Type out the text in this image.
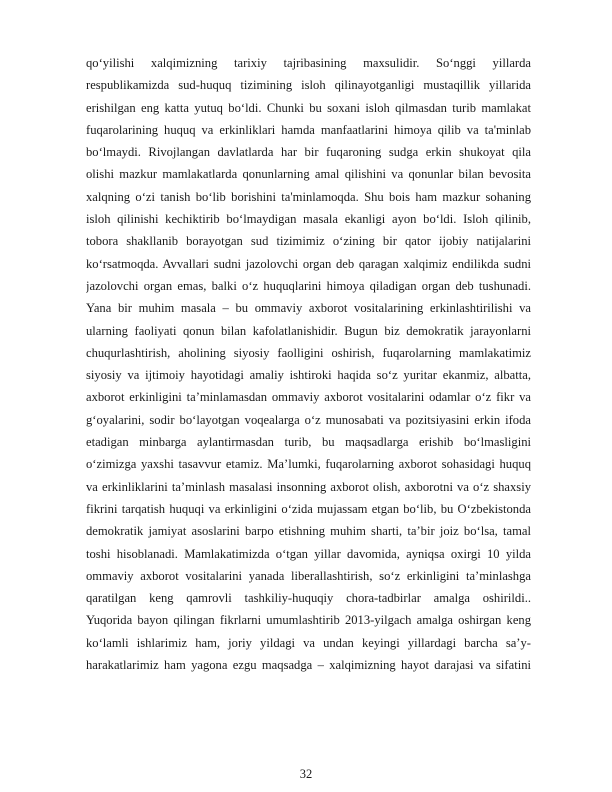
qo‘yilishi xalqimizning tarixiy tajribasining maxsulidir. So‘nggi yillarda
respublikamizda sud-huquq tizimining isloh qilinayotganligi mustaqillik yillarida
erishilgan eng katta yutuq bo‘ldi. Chunki bu soxani isloh qilmasdan turib mamlakat
fuqarolarining huquq va erkinliklari hamda manfaatlarini himoya qilib va ta'minlab
bo‘lmaydi. Rivojlangan davlatlarda har bir fuqaroning sudga erkin shukoyat qila
olishi mazkur mamlakatlarda qonunlarning amal qilishini va qonunlar bilan bevosita
xalqning o‘zi tanish bo‘lib borishini ta'minlamoqda. Shu bois ham mazkur sohaning
isloh qilinishi kechiktirib bo‘lmaydigan masala ekanligi ayon bo‘ldi. Isloh qilinib,
tobora shakllanib borayotgan sud tizimimiz o‘zining bir qator ijobiy natijalarini
ko‘rsatmoqda. Avvallari sudni jazolovchi organ deb qaragan xalqimiz endilikda sudni
jazolovchi organ emas, balki o‘z huquqlarini himoya qiladigan organ deb tushunadi.
Yana bir muhim masala – bu ommaviy axborot vositalarining erkinlashtirilishi va
ularning faoliyati qonun bilan kafolatlanishidir. Bugun biz demokratik jarayonlarni
chuqurlashtirish, aholining siyosiy faolligini oshirish, fuqarolarning mamlakatimiz
siyosiy va ijtimoiy hayotidagi amaliy ishtiroki haqida so‘z yuritar ekanmiz, albatta,
axborot erkinligini ta’minlamasdan ommaviy axborot vositalarini odamlar o‘z fikr va
g‘oyalarini, sodir bo‘layotgan voqealarga o‘z munosabati va pozitsiyasini erkin ifoda
etadigan minbarga aylantirmasdan turib, bu maqsadlarga erishib bo‘lmasligini
o‘zimizga yaxshi tasavvur etamiz. Ma’lumki, fuqarolarning axborot sohasidagi huquq
va erkinliklarini ta’minlash masalasi insonning axborot olish, axborotni va o‘z shaxsiy
fikrini tarqatish huquqi va erkinligini o‘zida mujassam etgan bo‘lib, bu O‘zbekistonda
demokratik jamiyat asoslarini barpo etishning muhim sharti, ta’bir joiz bo‘lsa, tamal
toshi hisoblanadi. Mamlakatimizda o‘tgan yillar davomida, ayniqsa oxirgi 10 yilda
ommaviy axborot vositalarini yanada liberallashtirish, so‘z erkinligini ta’minlashga
qaratilgan keng qamrovli tashkiliy-huquqiy chora-tadbirlar amalga oshirildi..
Yuqorida bayon qilingan fikrlarni umumlashtirib 2013-yilgach amalga oshirgan keng
ko‘lamli ishlarimiz ham, joriy yildagi va undan keyingi yillardagi barcha sa’y-
harakatlarimiz ham yagona ezgu maqsadga – xalqimizning hayot darajasi va sifatini
32
